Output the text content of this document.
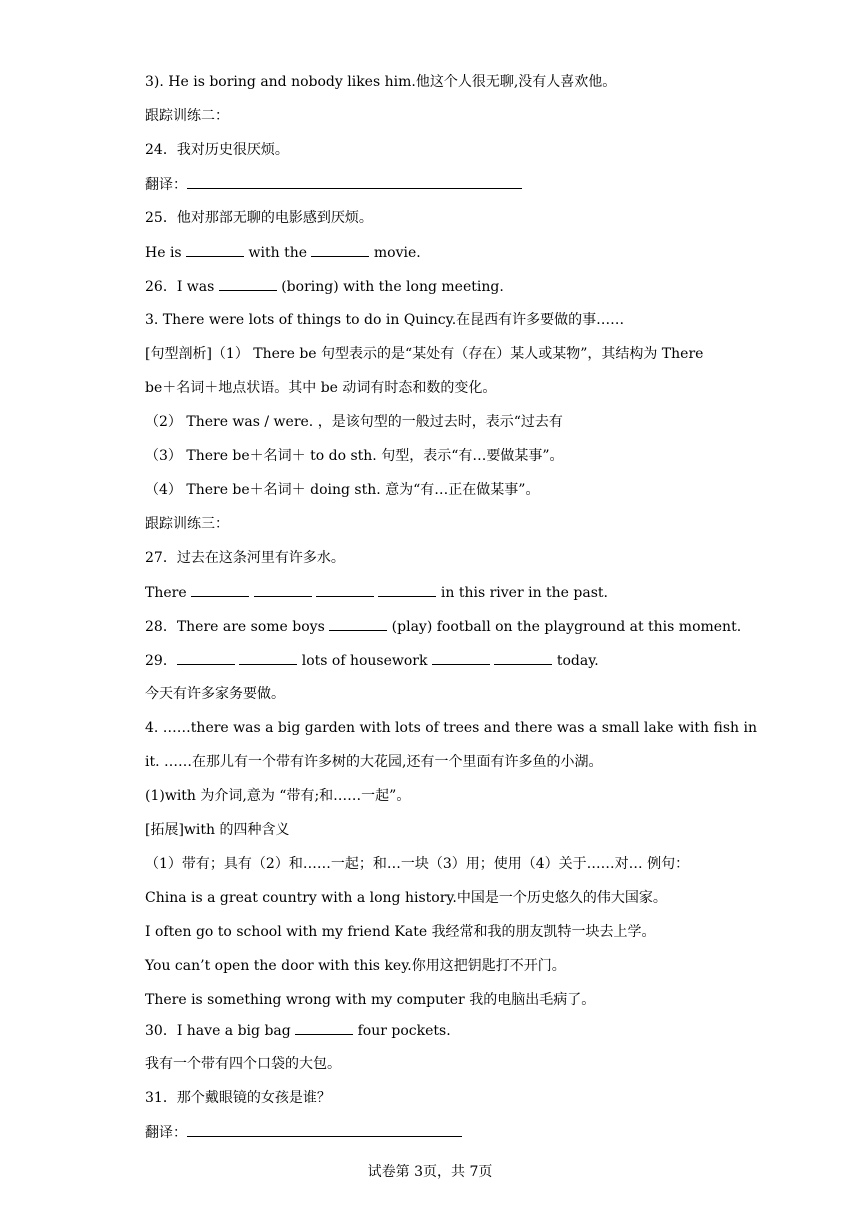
3). He is boring and nobody likes him.他这个人很无聊,没有人喜欢他。
跟踪训练二：
24．我对历史很厌烦。
翻译：
25．他对那部无聊的电影感到厌烦。
He is	with the	movie.
26．I was	(boring) with the long meeting.
3. There were lots of things to do in Quincy.在昆西有许多要做的事……
[句型剖析]（1） There be 句型表示的是“某处有（存在）某人或某物”，其结构为 There
be＋名词＋地点状语。其中 be 动词有时态和数的变化。
（2） There was / were. ，是该句型的一般过去时，表示“过去有
（3） There be＋名词＋ to do sth. 句型，表示“有…要做某事”。
（4） There be＋名词＋ doing sth. 意为“有…正在做某事”。
跟踪训练三：
27．过去在这条河里有许多水。
There	in this river in the past.
28．There are some boys	(play) football on the playground at this moment.
29．	lots of housework	today.
今天有许多家务要做。
4. ……there was a big garden with lots of trees and there was a small lake with fish in
it. ……在那儿有一个带有许多树的大花园,还有一个里面有许多鱼的小湖。
(1)with 为介词,意为 “带有;和……一起”。
[拓展]with 的四种含义
（1）带有；具有（2）和……一起；和…一块（3）用；使用（4）关于……对… 例句：
China is a great country with a long history.中国是一个历史悠久的伟大国家。
I often go to school with my friend Kate 我经常和我的朋友凯特一块去上学。
You can’t open the door with this key.你用这把钥匙打不开门。
There is something wrong with my computer 我的电脑出毛病了。
30．I have a big bag	four pockets.
我有一个带有四个口袋的大包。
31．那个戴眼镜的女孩是谁？
翻译：
试卷第 3页，共 7页
